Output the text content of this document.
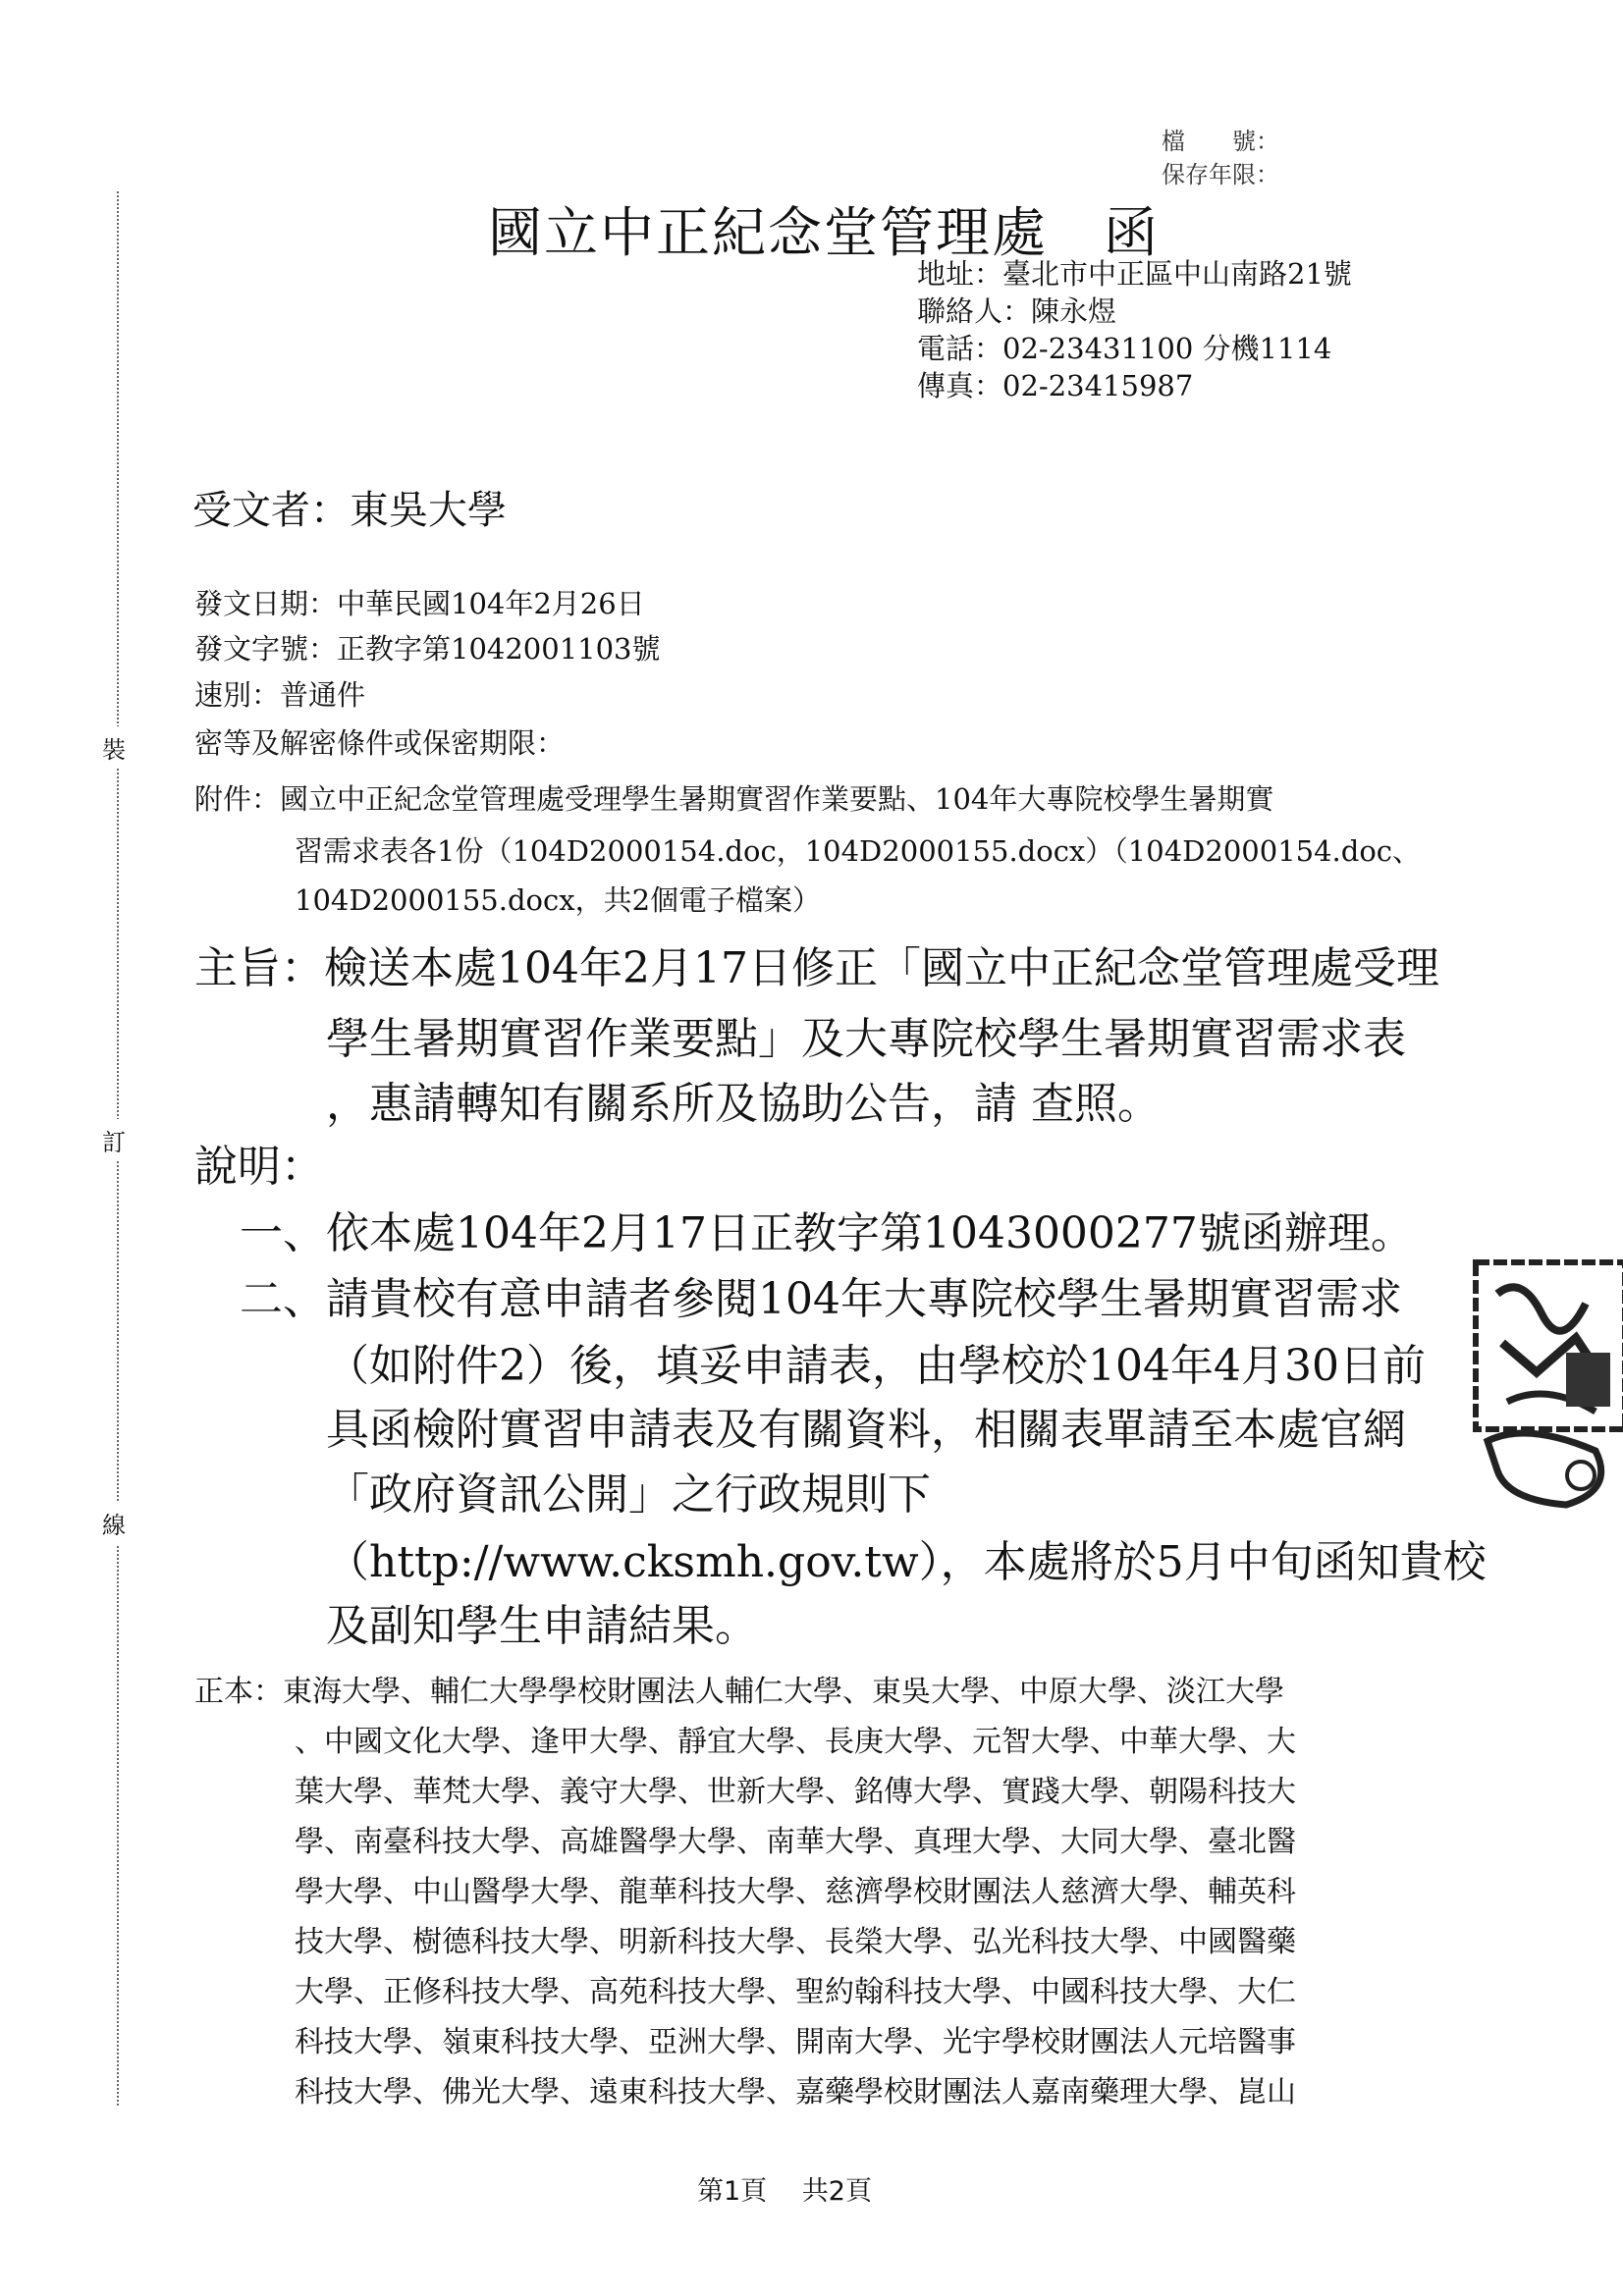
檔　　號：
保存年限：
裝
訂
線
國立中正紀念堂管理處　函
地址：臺北市中正區中山南路21號
聯絡人：陳永煜
電話：02-23431100 分機1114
傳真：02-23415987
受文者：東吳大學
發文日期：中華民國104年2月26日
發文字號：正教字第1042001103號
速別：普通件
密等及解密條件或保密期限：
附件：國立中正紀念堂管理處受理學生暑期實習作業要點、104年大專院校學生暑期實
習需求表各1份（104D2000154.doc，104D2000155.docx）（104D2000154.doc、
104D2000155.docx，共2個電子檔案）
主旨：檢送本處104年2月17日修正「國立中正紀念堂管理處受理
學生暑期實習作業要點」及大專院校學生暑期實習需求表
，惠請轉知有關系所及協助公告，請 查照。
說明：
一、依本處104年2月17日正教字第1043000277號函辦理。
二、請貴校有意申請者參閱104年大專院校學生暑期實習需求
（如附件2）後，填妥申請表，由學校於104年4月30日前
具函檢附實習申請表及有關資料，相關表單請至本處官網
「政府資訊公開」之行政規則下
（http://www.cksmh.gov.tw），本處將於5月中旬函知貴校
及副知學生申請結果。
正本：東海大學、輔仁大學學校財團法人輔仁大學、東吳大學、中原大學、淡江大學
、中國文化大學、逢甲大學、靜宜大學、長庚大學、元智大學、中華大學、大
葉大學、華梵大學、義守大學、世新大學、銘傳大學、實踐大學、朝陽科技大
學、南臺科技大學、高雄醫學大學、南華大學、真理大學、大同大學、臺北醫
學大學、中山醫學大學、龍華科技大學、慈濟學校財團法人慈濟大學、輔英科
技大學、樹德科技大學、明新科技大學、長榮大學、弘光科技大學、中國醫藥
大學、正修科技大學、高苑科技大學、聖約翰科技大學、中國科技大學、大仁
科技大學、嶺東科技大學、亞洲大學、開南大學、光宇學校財團法人元培醫事
科技大學、佛光大學、遠東科技大學、嘉藥學校財團法人嘉南藥理大學、崑山
第1頁　 共2頁
